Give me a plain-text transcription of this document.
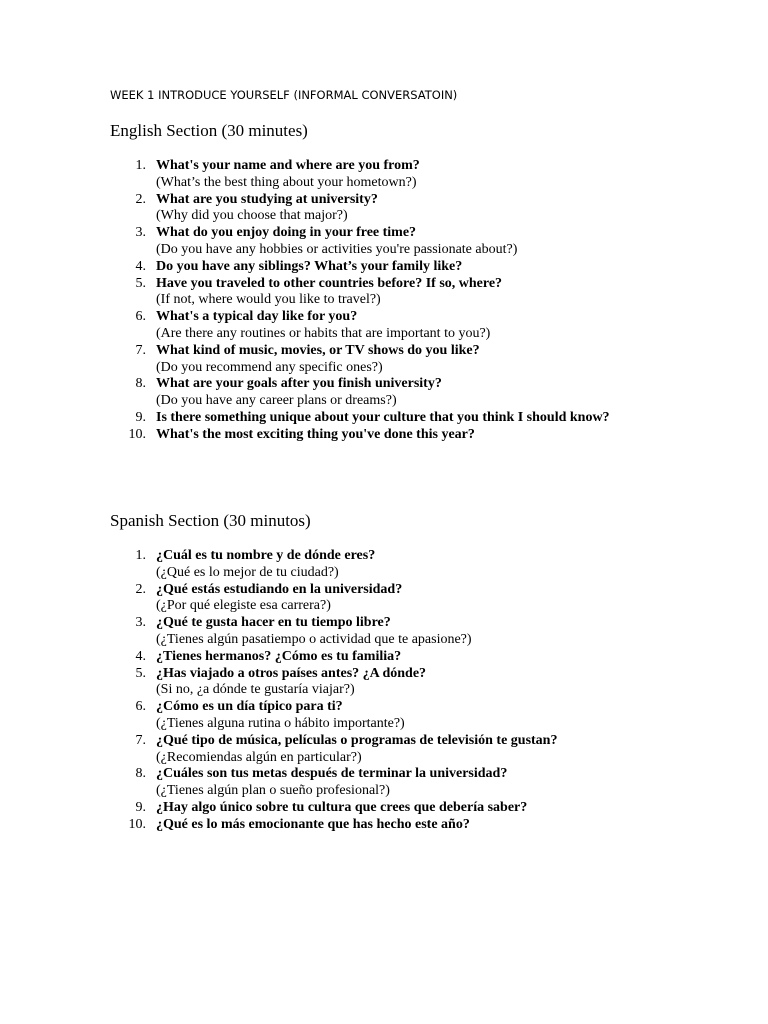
WEEK 1 INTRODUCE YOURSELF (INFORMAL CONVERSATOIN)
English Section (30 minutes)
1. What's your name and where are you from?
(What’s the best thing about your hometown?)
2. What are you studying at university?
(Why did you choose that major?)
3. What do you enjoy doing in your free time?
(Do you have any hobbies or activities you're passionate about?)
4. Do you have any siblings? What’s your family like?
5. Have you traveled to other countries before? If so, where?
(If not, where would you like to travel?)
6. What's a typical day like for you?
(Are there any routines or habits that are important to you?)
7. What kind of music, movies, or TV shows do you like?
(Do you recommend any specific ones?)
8. What are your goals after you finish university?
(Do you have any career plans or dreams?)
9. Is there something unique about your culture that you think I should know?
10. What's the most exciting thing you've done this year?
Spanish Section (30 minutos)
1. ¿Cuál es tu nombre y de dónde eres?
(¿Qué es lo mejor de tu ciudad?)
2. ¿Qué estás estudiando en la universidad?
(¿Por qué elegiste esa carrera?)
3. ¿Qué te gusta hacer en tu tiempo libre?
(¿Tienes algún pasatiempo o actividad que te apasione?)
4. ¿Tienes hermanos? ¿Cómo es tu familia?
5. ¿Has viajado a otros países antes? ¿A dónde?
(Si no, ¿a dónde te gustaría viajar?)
6. ¿Cómo es un día típico para ti?
(¿Tienes alguna rutina o hábito importante?)
7. ¿Qué tipo de música, películas o programas de televisión te gustan?
(¿Recomiendas algún en particular?)
8. ¿Cuáles son tus metas después de terminar la universidad?
(¿Tienes algún plan o sueño profesional?)
9. ¿Hay algo único sobre tu cultura que crees que debería saber?
10. ¿Qué es lo más emocionante que has hecho este año?
